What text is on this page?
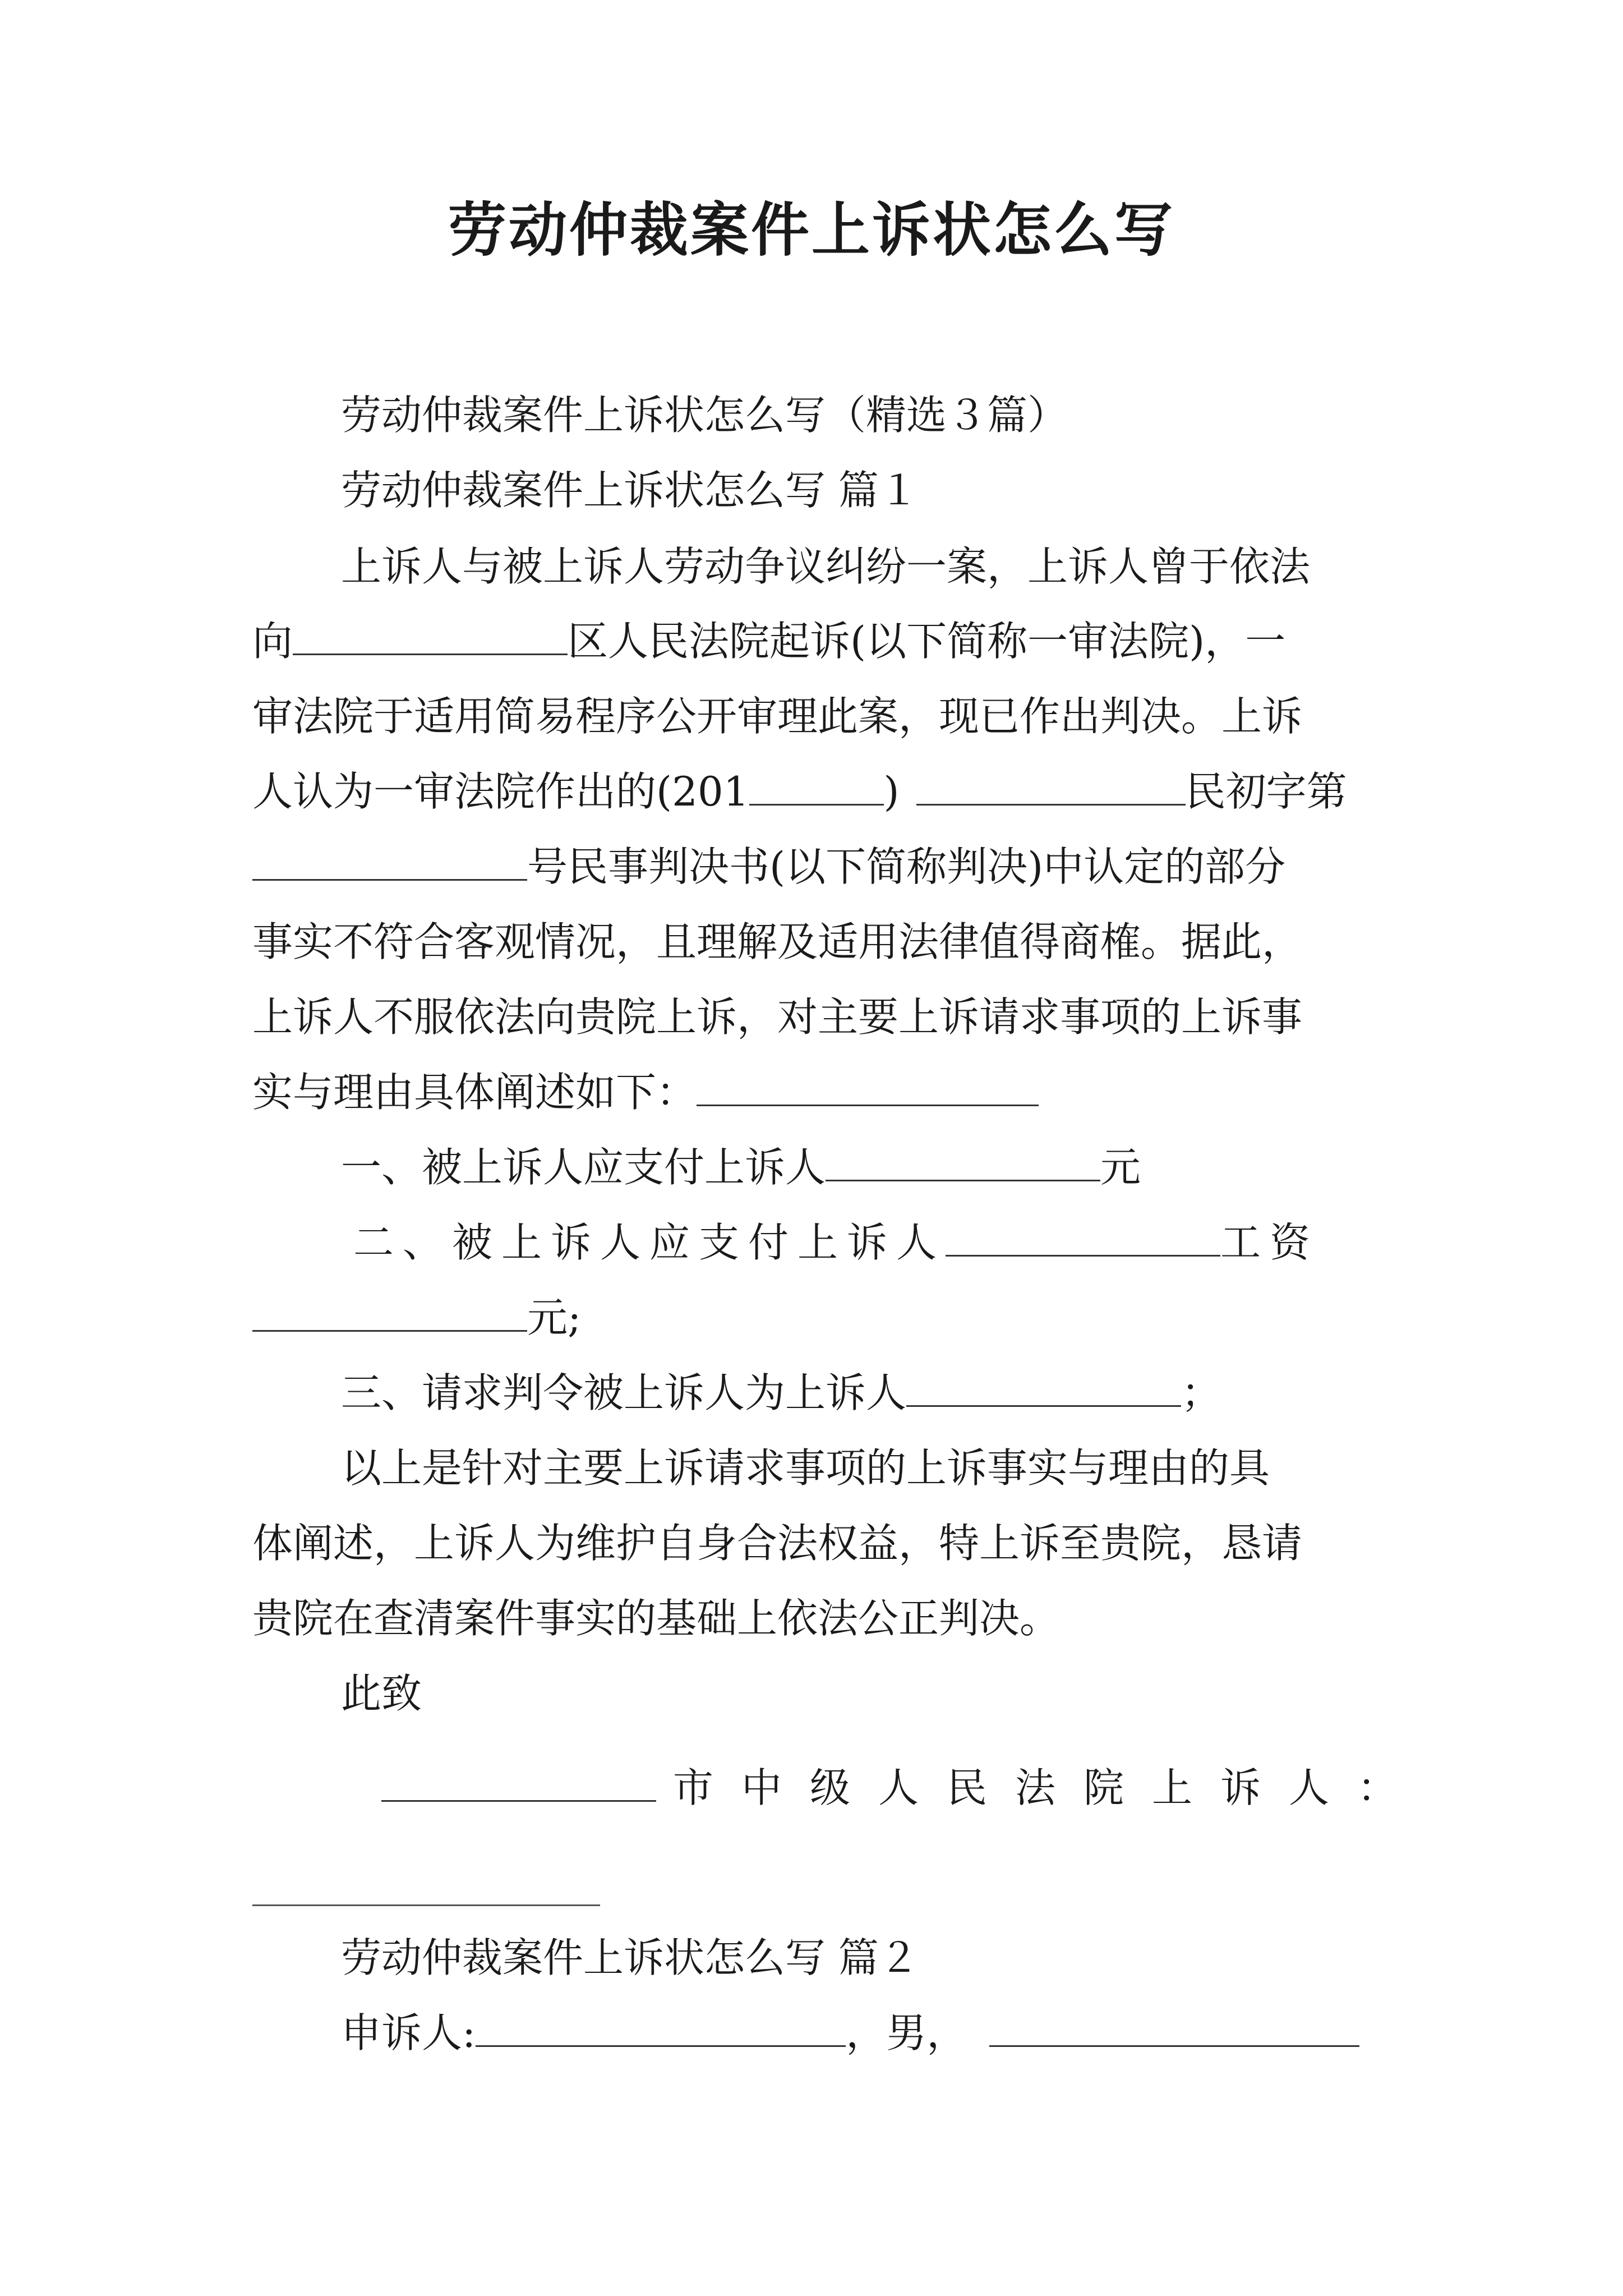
劳动仲裁案件上诉状怎么写
劳动仲裁案件上诉状怎么写（精选３篇）
劳动仲裁案件上诉状怎么写 篇１
上诉人与被上诉人劳动争议纠纷一案，上诉人曾于依法
向	区人民法院起诉(以下简称一审法院)，一
审法院于适用简易程序公开审理此案，现已作出判决。上诉
人认为一审法院作出的(201	)	民初字第
号民事判决书(以下简称判决)中认定的部分
事实不符合客观情况，且理解及适用法律值得商榷。据此，
上诉人不服依法向贵院上诉，对主要上诉请求事项的上诉事
实与理由具体阐述如下：
一、被上诉人应支付上诉人	元
二、被上诉人应支付上诉人	工资
元;
三、请求判令被上诉人为上诉人	；
以上是针对主要上诉请求事项的上诉事实与理由的具
体阐述，上诉人为维护自身合法权益，特上诉至贵院，恳请
贵院在查清案件事实的基础上依法公正判决。
此致
市中级人民法院上诉人：
劳动仲裁案件上诉状怎么写 篇２
申诉人:	，男，
